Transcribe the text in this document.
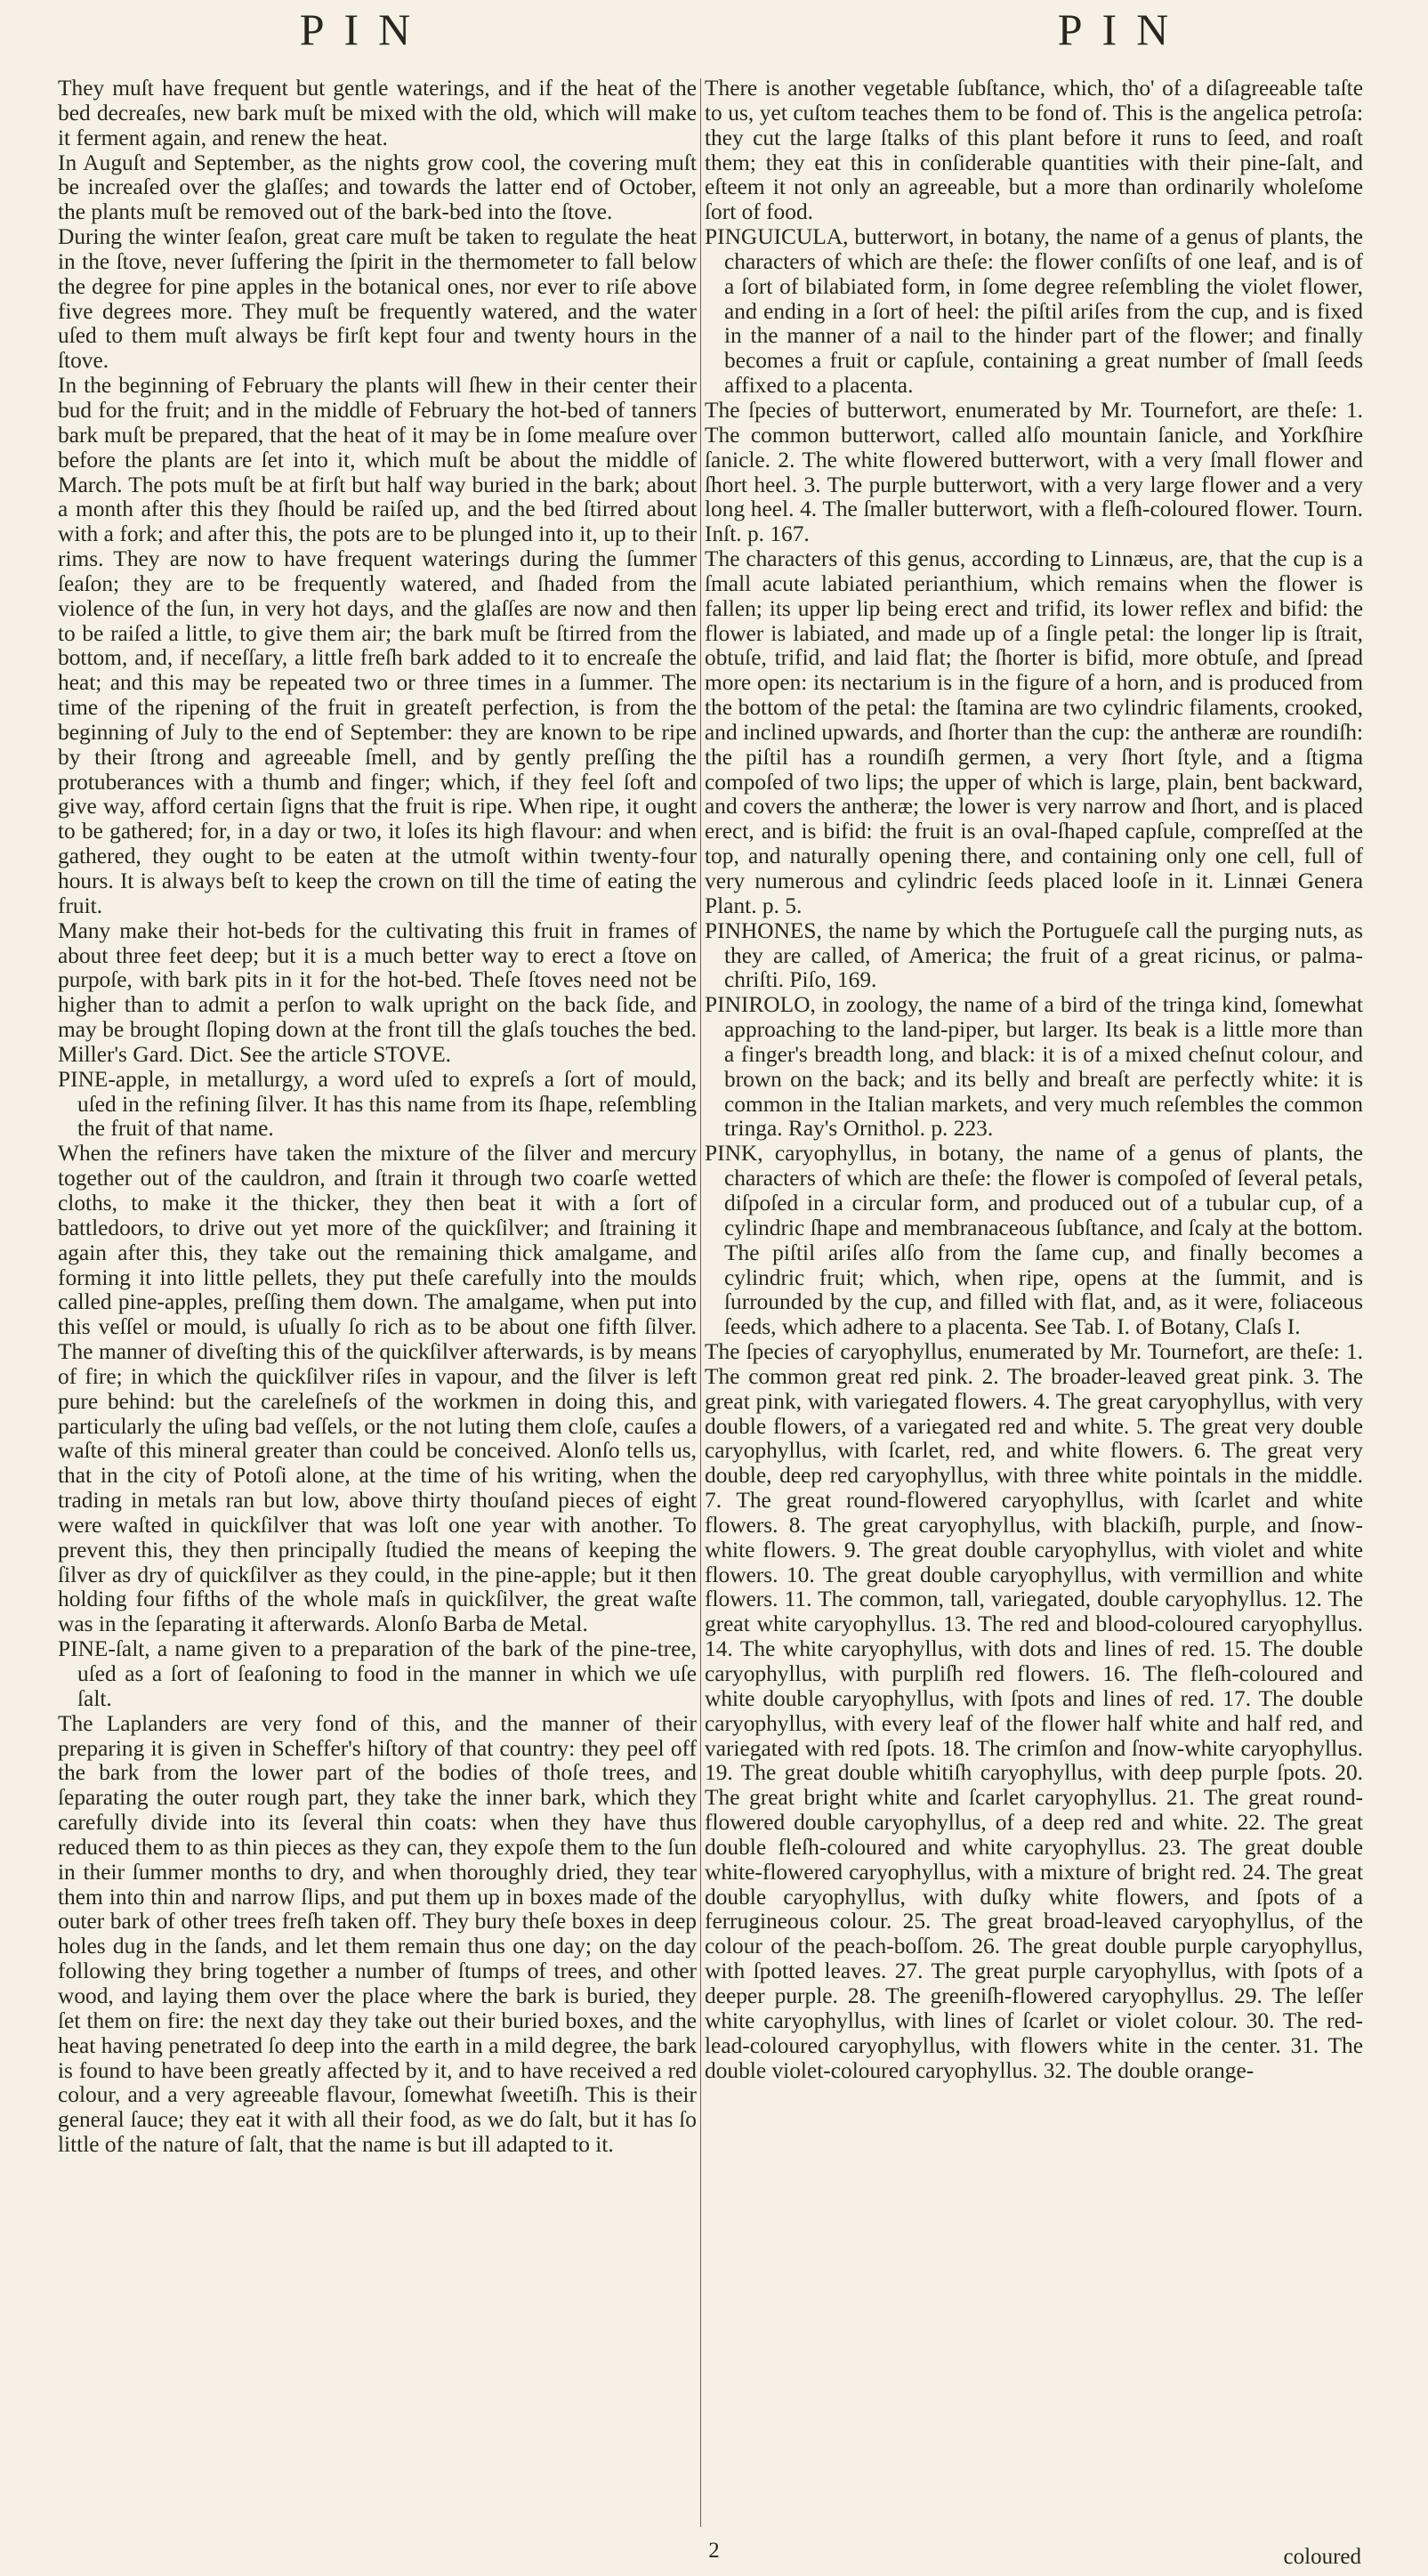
PIN	PIN

They muſt have frequent but gentle waterings, and if the heat of the bed decreaſes, new bark muſt be mixed with the old, which will make it ferment again, and renew the heat.

In Auguſt and September, as the nights grow cool, the covering muſt be increaſed over the glaſſes; and towards the latter end of October, the plants muſt be removed out of the bark-bed into the ſtove.

During the winter ſeaſon, great care muſt be taken to regulate the heat in the ſtove, never ſuffering the ſpirit in the thermometer to fall below the degree for pine apples in the botanical ones, nor ever to riſe above five degrees more. They muſt be frequently watered, and the water uſed to them muſt always be firſt kept four and twenty hours in the ſtove.

In the beginning of February the plants will ſhew in their center their bud for the fruit; and in the middle of February the hot-bed of tanners bark muſt be prepared, that the heat of it may be in ſome meaſure over before the plants are ſet into it, which muſt be about the middle of March. The pots muſt be at firſt but half way buried in the bark; about a month after this they ſhould be raiſed up, and the bed ſtirred about with a fork; and after this, the pots are to be plunged into it, up to their rims. They are now to have frequent waterings during the ſummer ſeaſon; they are to be frequently watered, and ſhaded from the violence of the ſun, in very hot days, and the glaſſes are now and then to be raiſed a little, to give them air; the bark muſt be ſtirred from the bottom, and, if neceſſary, a little freſh bark added to it to encreaſe the heat; and this may be repeated two or three times in a ſummer. The time of the ripening of the fruit in greateſt perfection, is from the beginning of July to the end of September: they are known to be ripe by their ſtrong and agreeable ſmell, and by gently preſſing the protuberances with a thumb and finger; which, if they feel ſoft and give way, afford certain ſigns that the fruit is ripe. When ripe, it ought to be gathered; for, in a day or two, it loſes its high flavour: and when gathered, they ought to be eaten at the utmoſt within twenty-four hours. It is always beſt to keep the crown on till the time of eating the fruit.

Many make their hot-beds for the cultivating this fruit in frames of about three feet deep; but it is a much better way to erect a ſtove on purpoſe, with bark pits in it for the hot-bed. Theſe ſtoves need not be higher than to admit a perſon to walk upright on the back ſide, and may be brought ſloping down at the front till the glaſs touches the bed. Miller's Gard. Dict. See the article STOVE.

PINE-apple, in metallurgy, a word uſed to expreſs a ſort of mould, uſed in the refining ſilver. It has this name from its ſhape, reſembling the fruit of that name.

When the refiners have taken the mixture of the ſilver and mercury together out of the cauldron, and ſtrain it through two coarſe wetted cloths, to make it the thicker, they then beat it with a ſort of battledoors, to drive out yet more of the quickſilver; and ſtraining it again after this, they take out the remaining thick amalgame, and forming it into little pellets, they put theſe carefully into the moulds called pine-apples, preſſing them down. The amalgame, when put into this veſſel or mould, is uſually ſo rich as to be about one fifth ſilver. The manner of diveſting this of the quickſilver afterwards, is by means of fire; in which the quickſilver riſes in vapour, and the ſilver is left pure behind: but the careleſneſs of the workmen in doing this, and particularly the uſing bad veſſels, or the not luting them cloſe, cauſes a waſte of this mineral greater than could be conceived. Alonſo tells us, that in the city of Potoſi alone, at the time of his writing, when the trading in metals ran but low, above thirty thouſand pieces of eight were waſted in quickſilver that was loſt one year with another. To prevent this, they then principally ſtudied the means of keeping the ſilver as dry of quickſilver as they could, in the pine-apple; but it then holding four fifths of the whole maſs in quickſilver, the great waſte was in the ſeparating it afterwards. Alonſo Barba de Metal.

PINE-ſalt, a name given to a preparation of the bark of the pine-tree, uſed as a ſort of ſeaſoning to food in the manner in which we uſe ſalt.

The Laplanders are very fond of this, and the manner of their preparing it is given in Scheffer's hiſtory of that country: they peel off the bark from the lower part of the bodies of thoſe trees, and ſeparating the outer rough part, they take the inner bark, which they carefully divide into its ſeveral thin coats: when they have thus reduced them to as thin pieces as they can, they expoſe them to the ſun in their ſummer months to dry, and when thoroughly dried, they tear them into thin and narrow ſlips, and put them up in boxes made of the outer bark of other trees freſh taken off. They bury theſe boxes in deep holes dug in the ſands, and let them remain thus one day; on the day following they bring together a number of ſtumps of trees, and other wood, and laying them over the place where the bark is buried, they ſet them on fire: the next day they take out their buried boxes, and the heat having penetrated ſo deep into the earth in a mild degree, the bark is found to have been greatly affected by it, and to have received a red colour, and a very agreeable flavour, ſomewhat ſweetiſh. This is their general ſauce; they eat it with all their food, as we do ſalt, but it has ſo little of the nature of ſalt, that the name is but ill adapted to it.

There is another vegetable ſubſtance, which, tho' of a diſagreeable taſte to us, yet cuſtom teaches them to be fond of. This is the angelica petroſa: they cut the large ſtalks of this plant before it runs to ſeed, and roaſt them; they eat this in conſiderable quantities with their pine-ſalt, and eſteem it not only an agreeable, but a more than ordinarily wholeſome ſort of food.

PINGUICULA, butterwort, in botany, the name of a genus of plants, the characters of which are theſe: the flower conſiſts of one leaf, and is of a ſort of bilabiated form, in ſome degree reſembling the violet flower, and ending in a ſort of heel: the piſtil ariſes from the cup, and is fixed in the manner of a nail to the hinder part of the flower; and finally becomes a fruit or capſule, containing a great number of ſmall ſeeds affixed to a placenta.

The ſpecies of butterwort, enumerated by Mr. Tournefort, are theſe: 1. The common butterwort, called alſo mountain ſanicle, and Yorkſhire ſanicle. 2. The white flowered butterwort, with a very ſmall flower and ſhort heel. 3. The purple butterwort, with a very large flower and a very long heel. 4. The ſmaller butterwort, with a fleſh-coloured flower. Tourn. Inſt. p. 167.

The characters of this genus, according to Linnæus, are, that the cup is a ſmall acute labiated perianthium, which remains when the flower is fallen; its upper lip being erect and trifid, its lower reflex and bifid: the flower is labiated, and made up of a ſingle petal: the longer lip is ſtrait, obtuſe, trifid, and laid flat; the ſhorter is bifid, more obtuſe, and ſpread more open: its nectarium is in the figure of a horn, and is produced from the bottom of the petal: the ſtamina are two cylindric filaments, crooked, and inclined upwards, and ſhorter than the cup: the antheræ are roundiſh: the piſtil has a roundiſh germen, a very ſhort ſtyle, and a ſtigma compoſed of two lips; the upper of which is large, plain, bent backward, and covers the antheræ; the lower is very narrow and ſhort, and is placed erect, and is bifid: the fruit is an oval-ſhaped capſule, compreſſed at the top, and naturally opening there, and containing only one cell, full of very numerous and cylindric ſeeds placed looſe in it. Linnæi Genera Plant. p. 5.

PINHONES, the name by which the Portugueſe call the purging nuts, as they are called, of America; the fruit of a great ricinus, or palma-chriſti. Piſo, 169.

PINIROLO, in zoology, the name of a bird of the tringa kind, ſomewhat approaching to the land-piper, but larger. Its beak is a little more than a finger's breadth long, and black: it is of a mixed cheſnut colour, and brown on the back; and its belly and breaſt are perfectly white: it is common in the Italian markets, and very much reſembles the common tringa. Ray's Ornithol. p. 223.

PINK, caryophyllus, in botany, the name of a genus of plants, the characters of which are theſe: the flower is compoſed of ſeveral petals, diſpoſed in a circular form, and produced out of a tubular cup, of a cylindric ſhape and membranaceous ſubſtance, and ſcaly at the bottom. The piſtil ariſes alſo from the ſame cup, and finally becomes a cylindric fruit; which, when ripe, opens at the ſummit, and is ſurrounded by the cup, and filled with flat, and, as it were, foliaceous ſeeds, which adhere to a placenta. See Tab. I. of Botany, Claſs I.

The ſpecies of caryophyllus, enumerated by Mr. Tournefort, are theſe: 1. The common great red pink. 2. The broader-leaved great pink. 3. The great pink, with variegated flowers. 4. The great caryophyllus, with very double flowers, of a variegated red and white. 5. The great very double caryophyllus, with ſcarlet, red, and white flowers. 6. The great very double, deep red caryophyllus, with three white pointals in the middle. 7. The great round-flowered caryophyllus, with ſcarlet and white flowers. 8. The great caryophyllus, with blackiſh, purple, and ſnow-white flowers. 9. The great double caryophyllus, with violet and white flowers. 10. The great double caryophyllus, with vermillion and white flowers. 11. The common, tall, variegated, double caryophyllus. 12. The great white caryophyllus. 13. The red and blood-coloured caryophyllus. 14. The white caryophyllus, with dots and lines of red. 15. The double caryophyllus, with purpliſh red flowers. 16. The fleſh-coloured and white double caryophyllus, with ſpots and lines of red. 17. The double caryophyllus, with every leaf of the flower half white and half red, and variegated with red ſpots. 18. The crimſon and ſnow-white caryophyllus. 19. The great double whitiſh caryophyllus, with deep purple ſpots. 20. The great bright white and ſcarlet caryophyllus. 21. The great round-flowered double caryophyllus, of a deep red and white. 22. The great double fleſh-coloured and white caryophyllus. 23. The great double white-flowered caryophyllus, with a mixture of bright red. 24. The great double caryophyllus, with duſky white flowers, and ſpots of a ferrugineous colour. 25. The great broad-leaved caryophyllus, of the colour of the peach-boſſom. 26. The great double purple caryophyllus, with ſpotted leaves. 27. The great purple caryophyllus, with ſpots of a deeper purple. 28. The greeniſh-flowered caryophyllus. 29. The leſſer white caryophyllus, with lines of ſcarlet or violet colour. 30. The red-lead-coloured caryophyllus, with flowers white in the center. 31. The double violet-coloured caryophyllus. 32. The double orange-

2	coloured
